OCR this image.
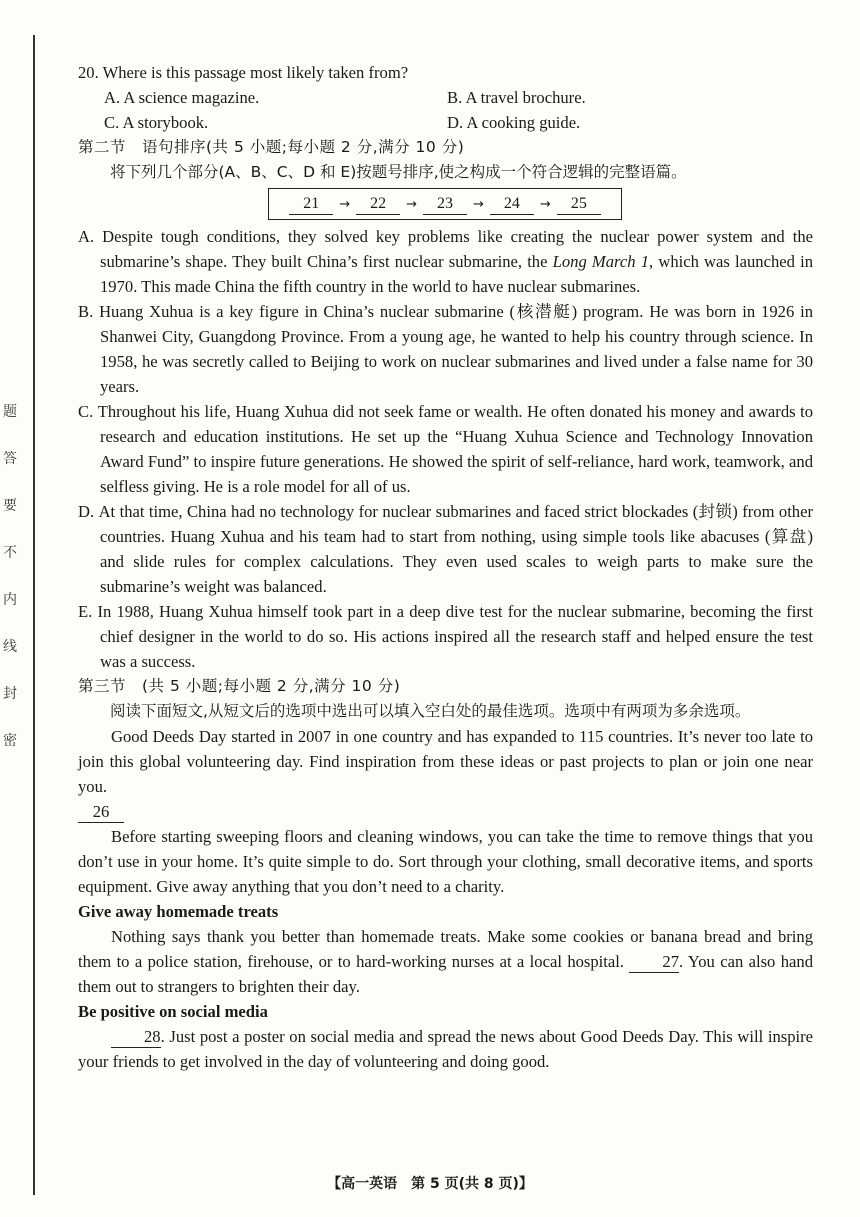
题
答
要
不
内
线
封
密
20. Where is this passage most likely taken from?
A. A science magazine.	B. A travel brochure.
C. A storybook.	D. A cooking guide.
第二节　语句排序(共 5 小题;每小题 2 分,满分 10 分)
将下列几个部分(A、B、C、D 和 E)按题号排序,使之构成一个符合逻辑的完整语篇。
21	→	22	→	23	→	24	→	25
A. Despite tough conditions, they solved key problems like creating the nuclear power system and the submarine’s shape. They built China’s first nuclear submarine, the Long March 1, which was launched in 1970. This made China the fifth country in the world to have nuclear submarines.
B. Huang Xuhua is a key figure in China’s nuclear submarine (核潜艇) program. He was born in 1926 in Shanwei City, Guangdong Province. From a young age, he wanted to help his country through science. In 1958, he was secretly called to Beijing to work on nuclear submarines and lived under a false name for 30 years.
C. Throughout his life, Huang Xuhua did not seek fame or wealth. He often donated his money and awards to research and education institutions. He set up the “Huang Xuhua Science and Technology Innovation Award Fund” to inspire future generations. He showed the spirit of self-reliance, hard work, teamwork, and selfless giving. He is a role model for all of us.
D. At that time, China had no technology for nuclear submarines and faced strict blockades (封锁) from other countries. Huang Xuhua and his team had to start from nothing, using simple tools like abacuses (算盘) and slide rules for complex calculations. They even used scales to weigh parts to make sure the submarine’s weight was balanced.
E. In 1988, Huang Xuhua himself took part in a deep dive test for the nuclear submarine, becoming the first chief designer in the world to do so. His actions inspired all the research staff and helped ensure the test was a success.
第三节　(共 5 小题;每小题 2 分,满分 10 分)
阅读下面短文,从短文后的选项中选出可以填入空白处的最佳选项。选项中有两项为多余选项。
Good Deeds Day started in 2007 in one country and has expanded to 115 countries. It’s never too late to join this global volunteering day. Find inspiration from these ideas or past projects to plan or join one near you.
26
Before starting sweeping floors and cleaning windows, you can take the time to remove things that you don’t use in your home. It’s quite simple to do. Sort through your clothing, small decorative items, and sports equipment. Give away anything that you don’t need to a charity.
Give away homemade treats
Nothing says thank you better than homemade treats. Make some cookies or banana bread and bring them to a police station, firehouse, or to hard-working nurses at a local hospital. 27. You can also hand them out to strangers to brighten their day.
Be positive on social media
28. Just post a poster on social media and spread the news about Good Deeds Day. This will inspire your friends to get involved in the day of volunteering and doing good.
【高一英语　第 5 页(共 8 页)】
